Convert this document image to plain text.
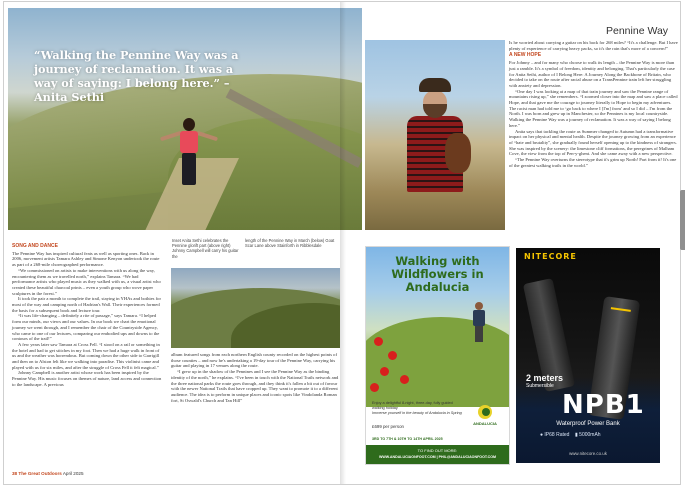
“Walking the Pennine Way was a journey of reclamation. It was a way of saying: I belong here.” – Anita Sethi
Pennine Way

Is he worried about carrying a guitar on his back for 268 miles? “It's a challenge. But I have plenty of experience of carrying heavy packs, so it's the rain that's more of a concern!”

A NEW HOPE

For Johnny – and for many who choose to walk its length – the Pennine Way is more than just a ramble. It's a symbol of freedom, identity and belonging. That's particularly the case for Anita Sethi, author of I Belong Here: A Journey Along the Backbone of Britain, who decided to take on the route after racial abuse on a TransPennine train left her struggling with anxiety and depression.

“One day I was looking at a map of that train journey and saw the Pennine range of mountains rising up,” she remembers. “I zoomed closer into the map and saw a place called Hope, and that gave me the courage to journey literally to Hope to begin my adventures. The racist man had told me to ‘go back to where I [I'm] from’ and so I did – I'm from the North. I was born and grew up in Manchester, so the Pennines is my local countryside. Walking the Pennine Way was a journey of reclamation. It was a way of saying I belong here.”

Anita says that tackling the route as Summer changed to Autumn had a transformative impact on her physical and mental health. Despite the journey growing from an experience of “hate and brutality”, she gradually found herself opening up to the kindness of strangers. She was inspired by the scenery: the limestone cliff formations, the peregrines of Malham Cove, the view from the top of Pen-y-ghent. And she came away with a new perspective.

“The Pennine Way overturns the stereotype that it's grim up North! Part from it! It's one of the greatest walking trails in the world.”

SONG AND DANCE

The Pennine Way has inspired cultural feats as well as sporting ones. Back in 2006, movement artists Tamara Ashley and Simone Kenyon undertook the route as part of a 268-mile choreographed performance.

“We commissioned on artists to make interventions with us along the way, encountering them as we travelled north,” explains Tamara. “We had performance artists who played music as they walked with us, a visual artist who created these beautiful charcoal prints – even a youth group who wove paper sculptures in the forest.”

It took the pair a month to complete the trail, staying in YHAs and bothies for most of the way and camping north of Hadrian's Wall. Their experiences formed the basis for a subsequent book and lecture tour.

“It was life-changing – definitely a rite of passage,” says Tamara. “I helped form our minds, our views and our values. In our book we chart the emotional journey we went through, and I remember the chair of the Countryside Agency, who came to one of our lectures, comparing our embodied ups and downs to the contours of the trail!”

A few years later saw Tamara at Cross Fell. “I stood on a rail or something in the hotel and had to get stitches in my foot. Then we had a huge walk in front of us and the weather was horrendous. But coming down the other side to Garrigill and then on to Alston felt like we walking into paradise. This violinist came and played with us for six miles, and after the struggle of Cross Fell it felt magical.”

Johnny Campbell is another artist whose work has been inspired by the Pennine Way. His music focuses on themes of nature, land access and connection to the landscape. A previous

Inset Anita Sethi celebrates the Pennine glorift part (above right) Johnny Campbell will carry his guitar the
length of the Pennine Way in March (below) Goat Scar Lane above Stainforth in Ribblesdale

album featured songs from each northern English county recorded on the highest points of those counties – and now he's undertaking a 19-day tour of the Pennine Way, carrying his guitar and playing in 17 venues along the route.

“I grew up in the shadow of the Pennines and I see the Pennine Way as the binding identity of the north,” he explains. “I've been in touch with the National Trails network and the three national parks the route goes through, and they think it's fallen a bit out of favour with the newer National Trails that have cropped up. They want to promote it to a different audience. The idea is to perform in unique places and iconic spots like Vindolanda Roman fort, St Oswald's Church and Tan Hill”

38 The Great Outdoors April 2025
Walking with Wildflowers in Andalucia
Enjoy a delightful 8-night, three-day, fully guided walking holiday
Immerse yourself in the beauty of Andalucia in Spring
£699 per person
3RD TO 7TH & 10TH TO 14TH APRIL 2025
ANDALUCIA
TO FIND OUT MORE:
WWW.ANDALUCIAONFOOT.COM | PHIL@ANDALUCIAONFOOT.COM
NITECORE
2 meters
Submersible
NPB1
Waterproof Power Bank
● IP68 Rated ▮ 5000mAh
www.nitecore.co.uk
